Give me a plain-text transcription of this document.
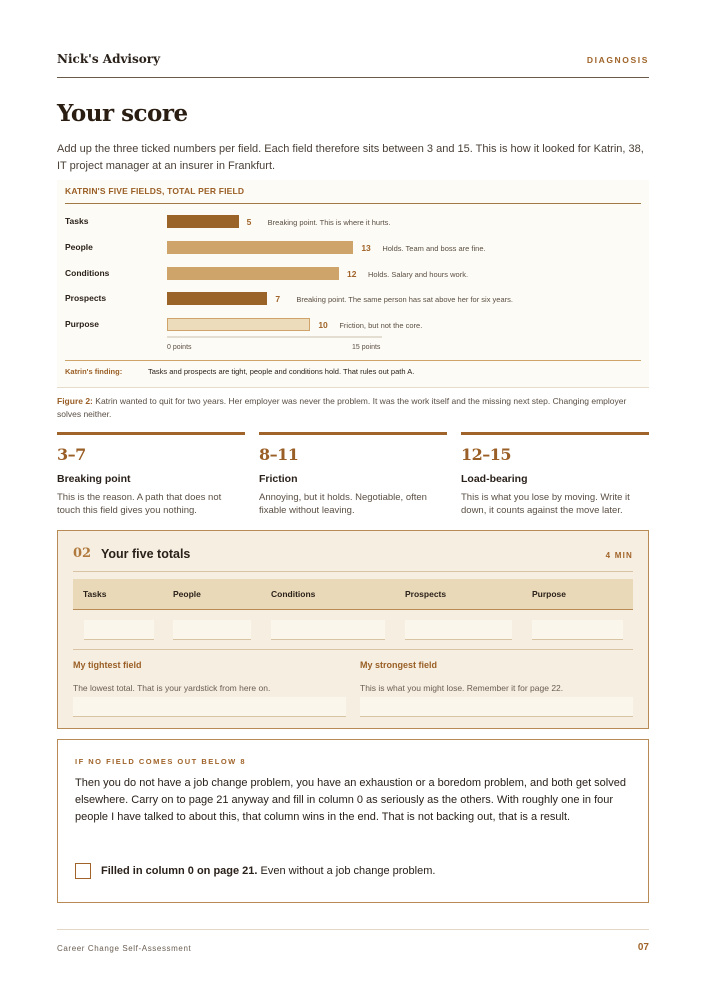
Nick's Advisory	DIAGNOSIS
Your score
Add up the three ticked numbers per field. Each field therefore sits between 3 and 15. This is how it looked for Katrin, 38, IT project manager at an insurer in Frankfurt.
KATRIN'S FIVE FIELDS, TOTAL PER FIELD
Tasks	5 Breaking point. This is where it hurts.
People	13 Holds. Team and boss are fine.
Conditions	12 Holds. Salary and hours work.
Prospects	7 Breaking point. The same person has sat above her for six years.
Purpose	10 Friction, but not the core.
0 points	15 points
Katrin's finding:	Tasks and prospects are tight, people and conditions hold. That rules out path A.
Figure 2: Katrin wanted to quit for two years. Her employer was never the problem. It was the work itself and the missing next step. Changing employer solves neither.
3–7
Breaking point
This is the reason. A path that does not touch this field gives you nothing.
8–11
Friction
Annoying, but it holds. Negotiable, often fixable without leaving.
12–15
Load-bearing
This is what you lose by moving. Write it down, it counts against the move later.
02 Your five totals	4 MIN
Tasks	People	Conditions	Prospects	Purpose
My tightest field
The lowest total. That is your yardstick from here on.
My strongest field
This is what you might lose. Remember it for page 22.
IF NO FIELD COMES OUT BELOW 8
Then you do not have a job change problem, you have an exhaustion or a boredom problem, and both get solved elsewhere. Carry on to page 21 anyway and fill in column 0 as seriously as the others. With roughly one in four people I have talked to about this, that column wins in the end. That is not backing out, that is a result.
Filled in column 0 on page 21. Even without a job change problem.
Career Change Self-Assessment	07
